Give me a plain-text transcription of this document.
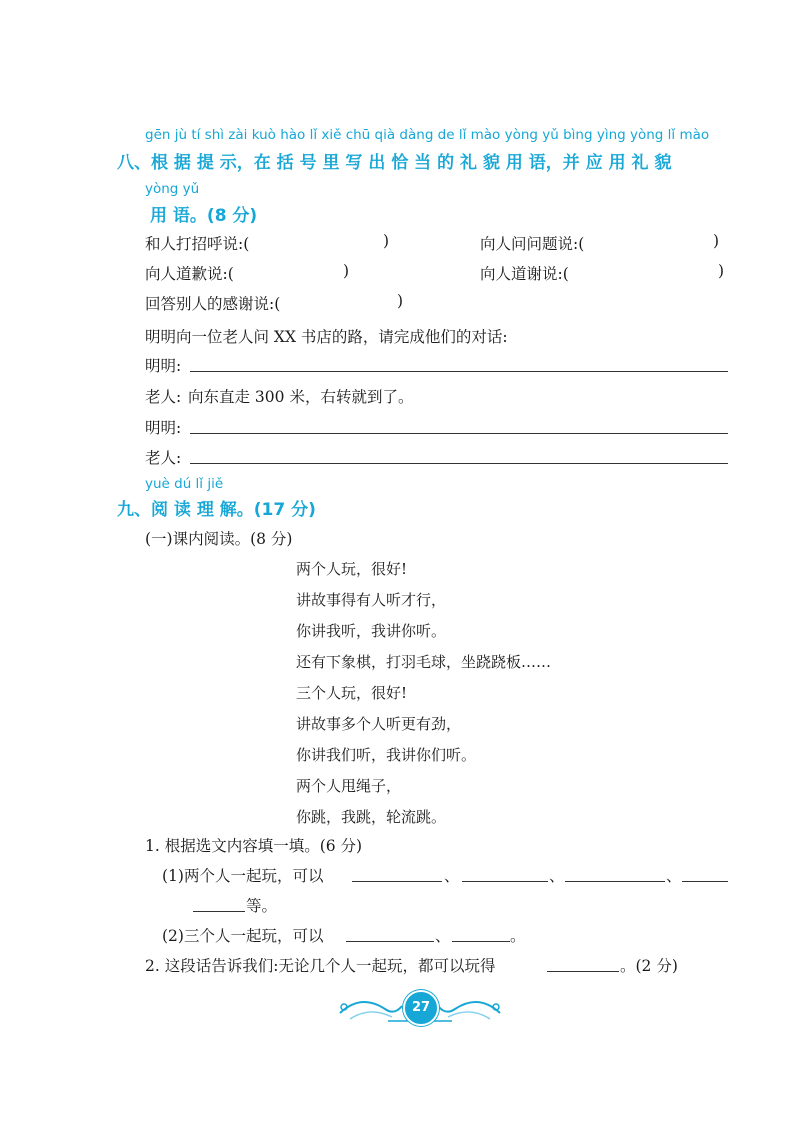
gēn jù tí shì zài kuò hào lǐ xiě chū qià dàng de lǐ mào yòng yǔ bìng yìng yòng lǐ mào
八、根 据 提 示，在 括 号 里 写 出 恰 当 的 礼 貌 用 语，并 应 用 礼 貌
yòng yǔ
用 语。(8 分)
和人打招呼说:(	)	向人问问题说:(	)
向人道歉说:(	)	向人道谢说:(	)
回答别人的感谢说:(	)
明明向一位老人问 XX 书店的路，请完成他们的对话:
明明:
老人: 向东直走 300 米，右转就到了。
明明:
老人:
yuè dú lǐ jiě
九、阅 读 理 解。(17 分)
(一)课内阅读。(8 分)
两个人玩，很好!
讲故事得有人听才行，
你讲我听，我讲你听。
还有下象棋，打羽毛球，坐跷跷板……
三个人玩，很好!
讲故事多个人听更有劲，
你讲我们听，我讲你们听。
两个人甩绳子，
你跳，我跳，轮流跳。
1. 根据选文内容填一填。(6 分)
(1)两个人一起玩，可以	、	、	、
等。
(2)三个人一起玩，可以	、	。
2. 这段话告诉我们:无论几个人一起玩，都可以玩得	。(2 分)
27
